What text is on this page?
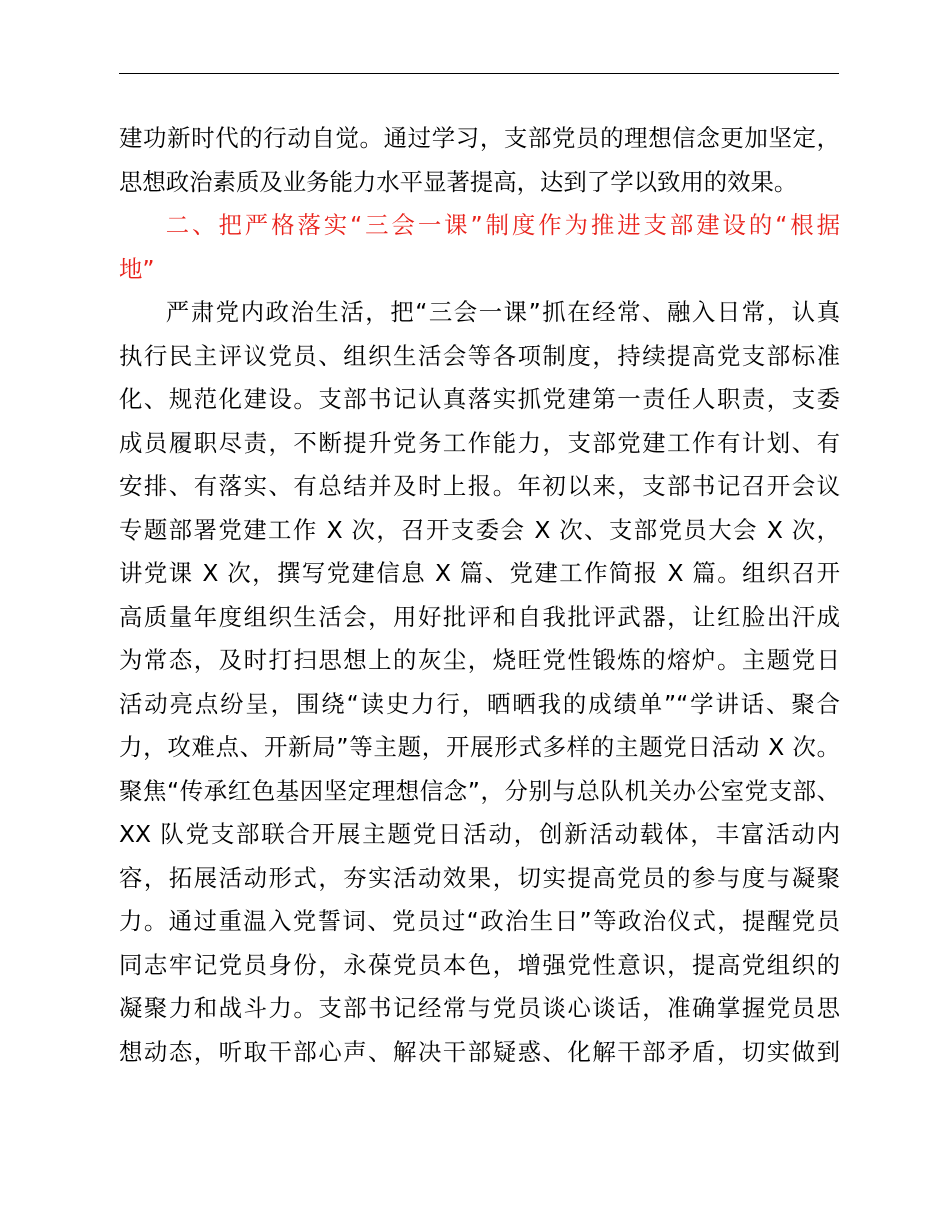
建功新时代的行动自觉。通过学习，支部党员的理想信念更加坚定，
思想政治素质及业务能力水平显著提高，达到了学以致用的效果。
二、把严格落实“三会一课”制度作为推进支部建设的“根据
地”
严肃党内政治生活，把“三会一课”抓在经常、融入日常，认真
执行民主评议党员、组织生活会等各项制度，持续提高党支部标准
化、规范化建设。支部书记认真落实抓党建第一责任人职责，支委
成员履职尽责，不断提升党务工作能力，支部党建工作有计划、有
安排、有落实、有总结并及时上报。年初以来，支部书记召开会议
专题部署党建工作 X 次，召开支委会 X 次、支部党员大会 X 次，
讲党课 X 次，撰写党建信息 X 篇、党建工作简报 X 篇。组织召开
高质量年度组织生活会，用好批评和自我批评武器，让红脸出汗成
为常态，及时打扫思想上的灰尘，烧旺党性锻炼的熔炉。主题党日
活动亮点纷呈，围绕“读史力行，晒晒我的成绩单”“学讲话、聚合
力，攻难点、开新局”等主题，开展形式多样的主题党日活动 X 次。
聚焦“传承红色基因坚定理想信念”，分别与总队机关办公室党支部、
XX 队党支部联合开展主题党日活动，创新活动载体，丰富活动内
容，拓展活动形式，夯实活动效果，切实提高党员的参与度与凝聚
力。通过重温入党誓词、党员过“政治生日”等政治仪式，提醒党员
同志牢记党员身份，永葆党员本色，增强党性意识，提高党组织的
凝聚力和战斗力。支部书记经常与党员谈心谈话，准确掌握党员思
想动态，听取干部心声、解决干部疑惑、化解干部矛盾，切实做到
